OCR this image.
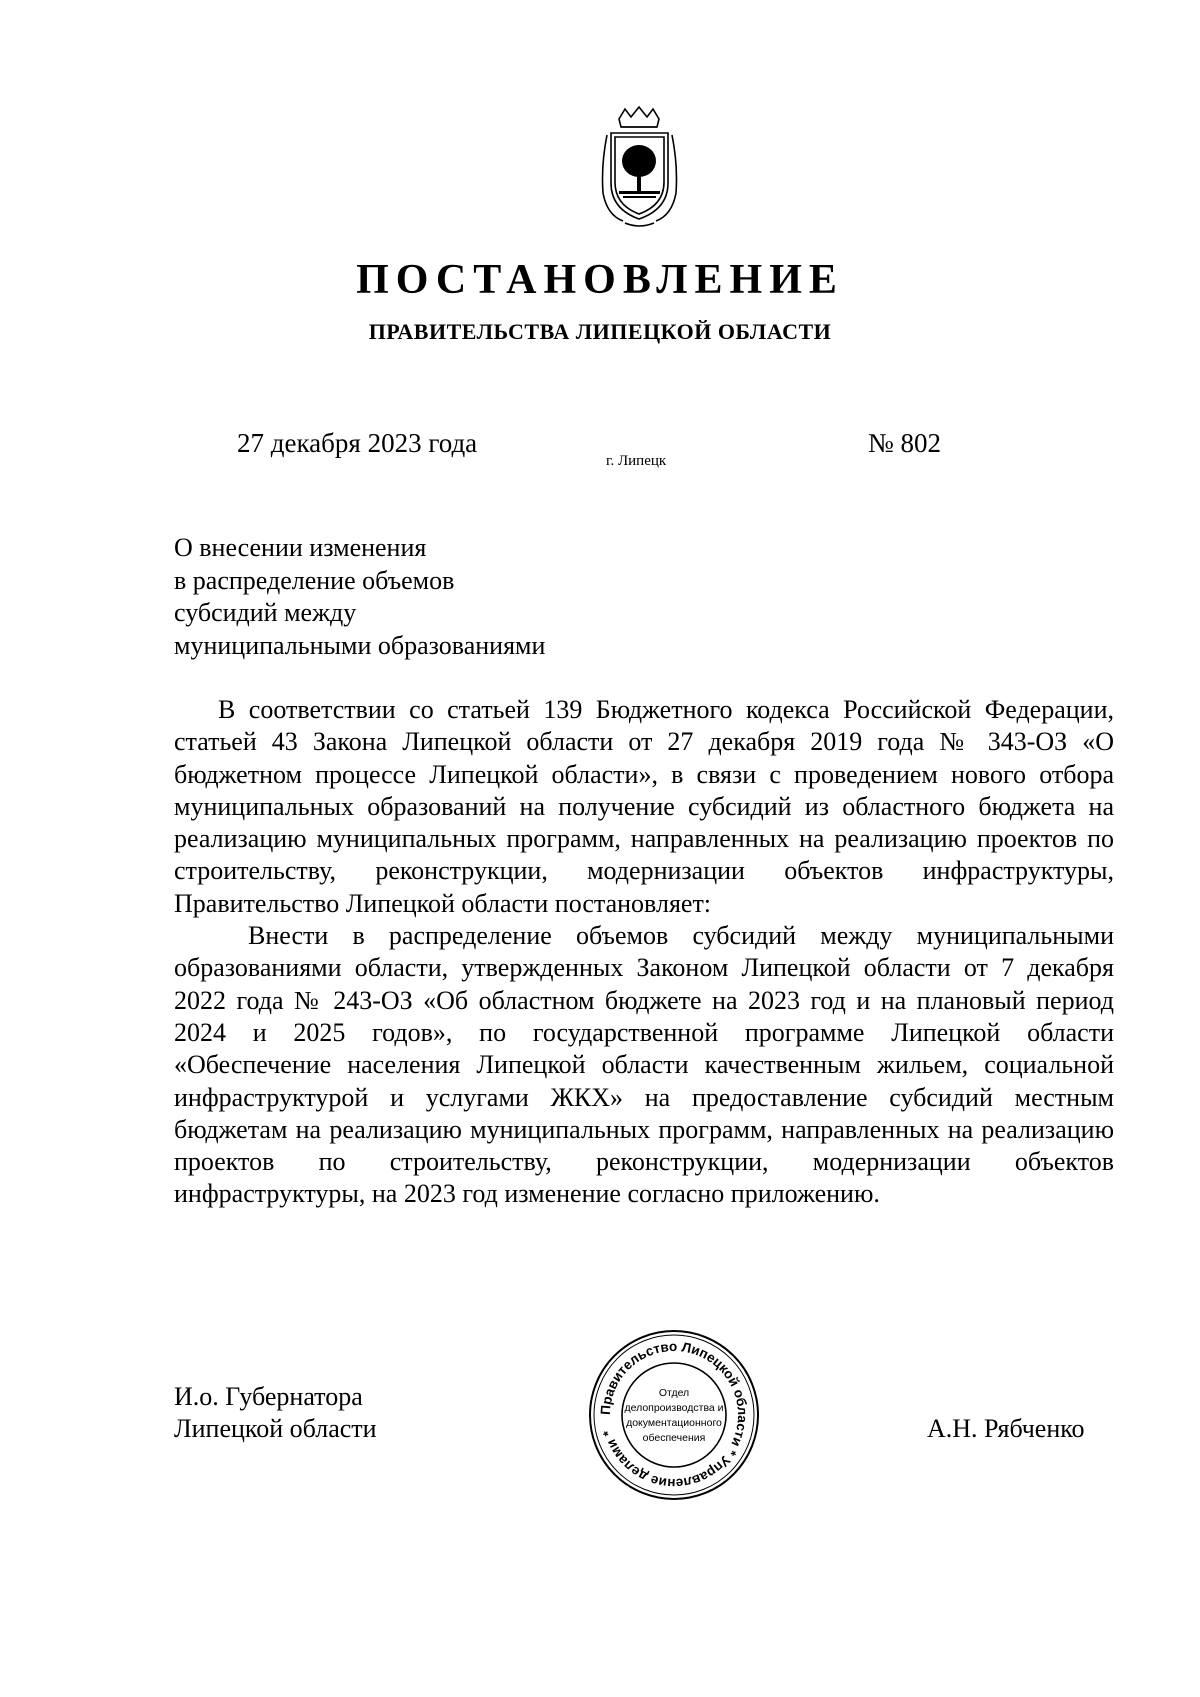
ПОСТАНОВЛЕНИЕ
ПРАВИТЕЛЬСТВА ЛИПЕЦКОЙ ОБЛАСТИ
27 декабря 2023 года
г. Липецк
№ 802
О внесении изменения
в распределение объемов
субсидий между
муниципальными образованиями
В соответствии со статьей 139 Бюджетного кодекса Российской Федерации, статьей 43 Закона Липецкой области от 27 декабря 2019 года № 343-ОЗ «О бюджетном процессе Липецкой области», в связи с проведением нового отбора муниципальных образований на получение субсидий из областного бюджета на реализацию муниципальных программ, направленных на реализацию проектов по строительству, реконструкции, модернизации объектов инфраструктуры, Правительство Липецкой области постановляет:
Внести в распределение объемов субсидий между муниципальными образованиями области, утвержденных Законом Липецкой области от 7 декабря 2022 года № 243-ОЗ «Об областном бюджете на 2023 год и на плановый период 2024 и 2025 годов», по государственной программе Липецкой области «Обеспечение населения Липецкой области качественным жильем, социальной инфраструктурой и услугами ЖКХ» на предоставление субсидий местным бюджетам на реализацию муниципальных программ, направленных на реализацию проектов по строительству, реконструкции, модернизации объектов инфраструктуры, на 2023 год изменение согласно приложению.
И.о. Губернатора
Липецкой области
Правительство Липецкой области * Управление делами *
Отдел
делопроизводства и
документационного
обеспечения	А.Н. Рябченко
